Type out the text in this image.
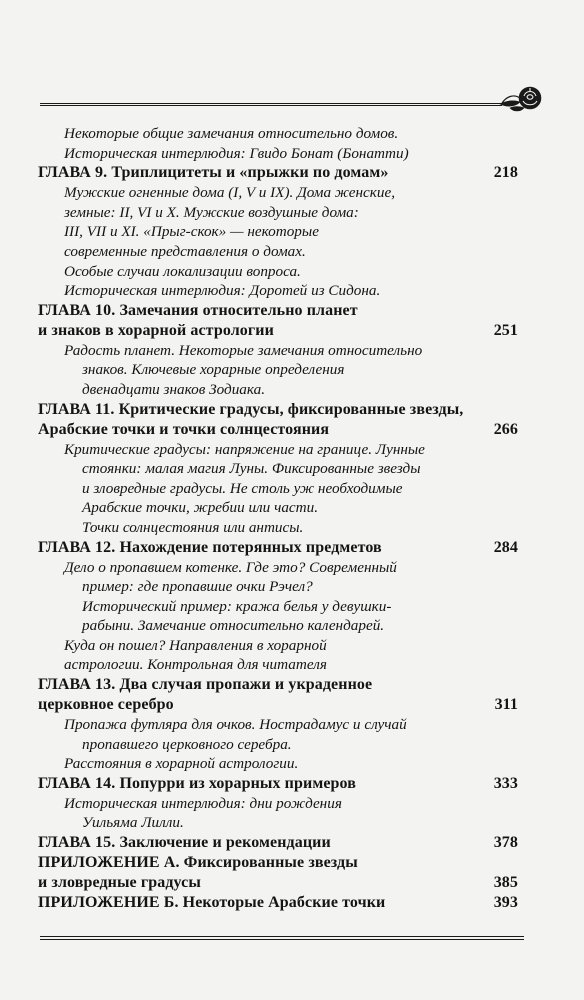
Некоторые общие замечания относительно домов.
Историческая интерлюдия: Гвидо Бонат (Бонатти)
ГЛАВА 9. Триплицитеты и «прыжки по домам»	218
Мужские огненные дома (I, V и IX). Дома женские,
земные: II, VI и X. Мужские воздушные дома:
III, VII и XI. «Прыг-скок» — некоторые
современные представления о домах.
Особые случаи локализации вопроса.
Историческая интерлюдия: Доротей из Сидона.
ГЛАВА 10. Замечания относительно планет
и знаков в хорарной астрологии	251
Радость планет. Некоторые замечания относительно
знаков. Ключевые хорарные определения
двенадцати знаков Зодиака.
ГЛАВА 11. Критические градусы, фиксированные звезды,
Арабские точки и точки солнцестояния	266
Критические градусы: напряжение на границе. Лунные
стоянки: малая магия Луны. Фиксированные звезды
и зловредные градусы. Не столь уж необходимые
Арабские точки, жребии или части.
Точки солнцестояния или антисы.
ГЛАВА 12. Нахождение потерянных предметов	284
Дело о пропавшем котенке. Где это? Современный
пример: где пропавшие очки Рэчел?
Исторический пример: кража белья у девушки-
рабыни. Замечание относительно календарей.
Куда он пошел? Направления в хорарной
астрологии. Контрольная для читателя
ГЛАВА 13. Два случая пропажи и украденное
церковное серебро	311
Пропажа футляра для очков. Нострадамус и случай
пропавшего церковного серебра.
Расстояния в хорарной астрологии.
ГЛАВА 14. Попурри из хорарных примеров	333
Историческая интерлюдия: дни рождения
Уильяма Лилли.
ГЛАВА 15. Заключение и рекомендации	378
ПРИЛОЖЕНИЕ А. Фиксированные звезды
и зловредные градусы	385
ПРИЛОЖЕНИЕ Б. Некоторые Арабские точки	393
